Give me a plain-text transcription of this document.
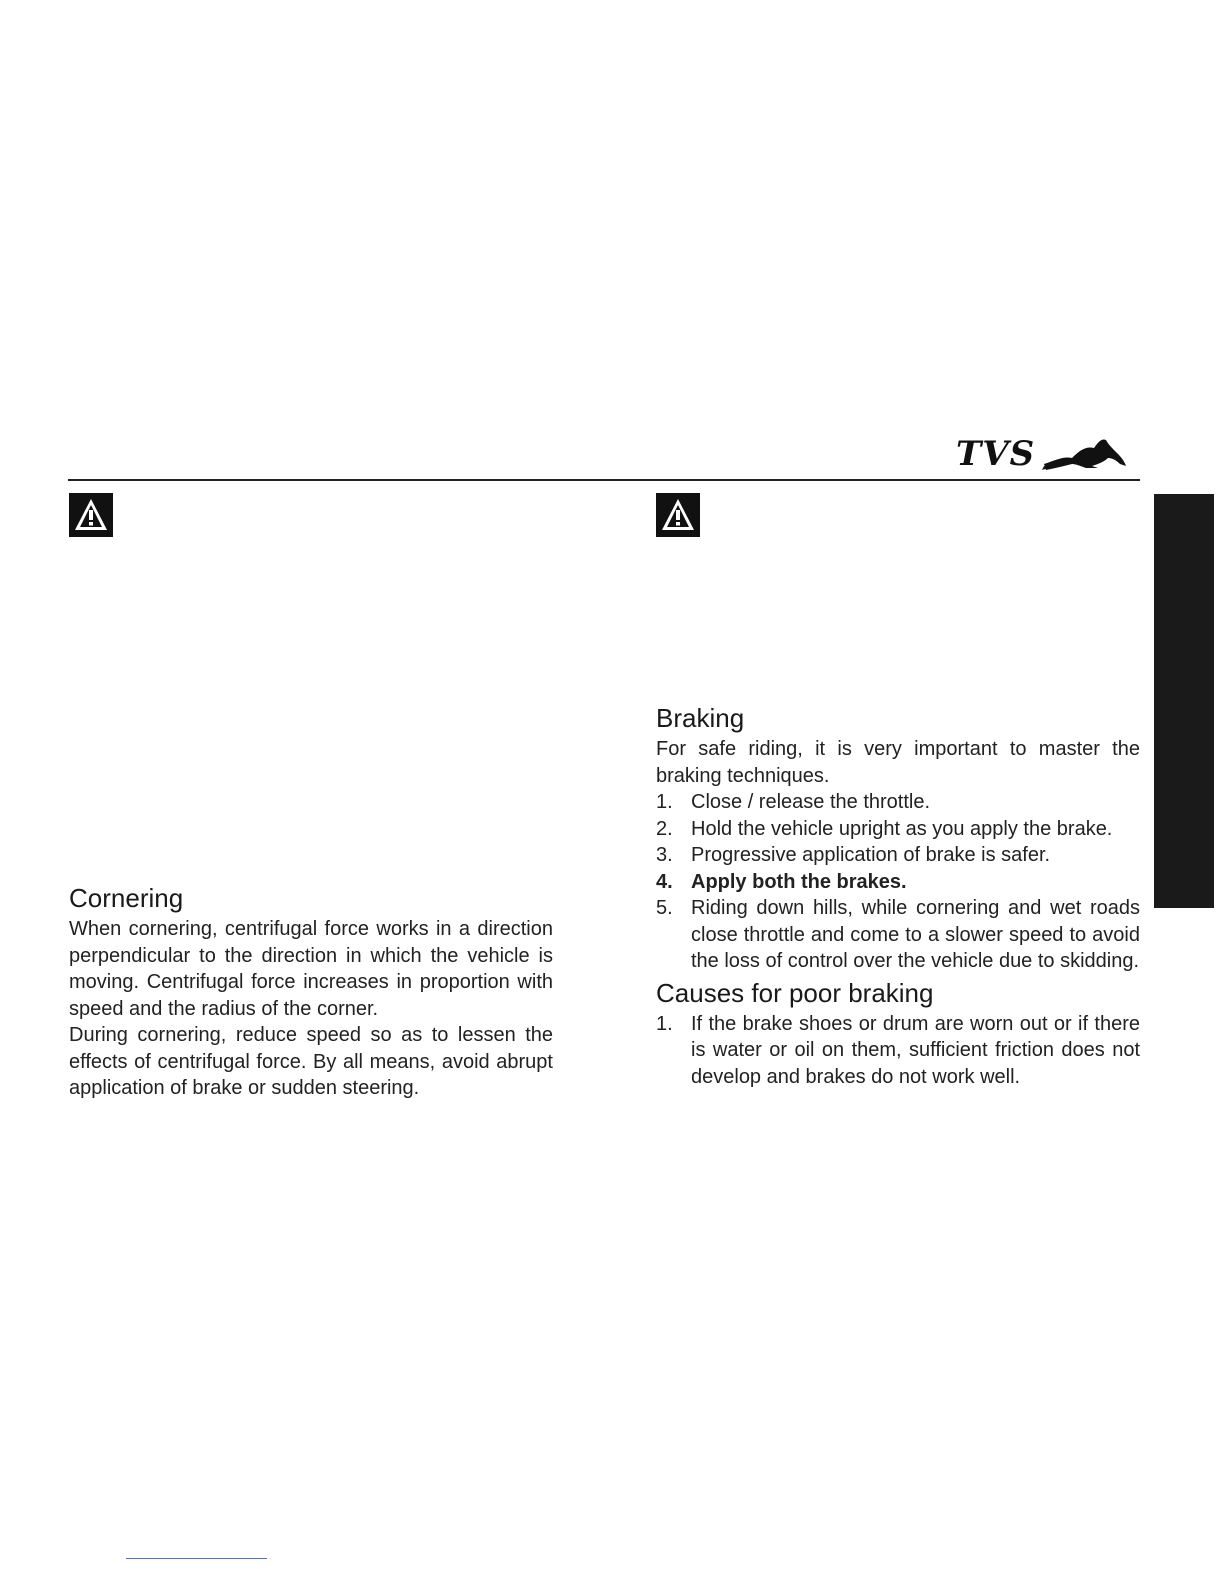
TVS
Cornering

When cornering, centrifugal force works in a direction perpendicular to the direction in which the vehicle is moving. Centrifugal force increases in proportion with speed and the radius of the corner.

During cornering, reduce speed so as to lessen the effects of centrifugal force. By all means, avoid abrupt application of brake or sudden steering.

Braking

For safe riding, it is very important to master the braking techniques.

1. Close / release the throttle.
2. Hold the vehicle upright as you apply the brake.
3. Progressive application of brake is safer.
4. Apply both the brakes.
5. Riding down hills, while cornering and wet roads close throttle and come to a slower speed to avoid the loss of control over the vehicle due to skidding.
Causes for poor braking
1. If the brake shoes or drum are worn out or if there is water or oil on them, sufficient friction does not develop and brakes do not work well.
